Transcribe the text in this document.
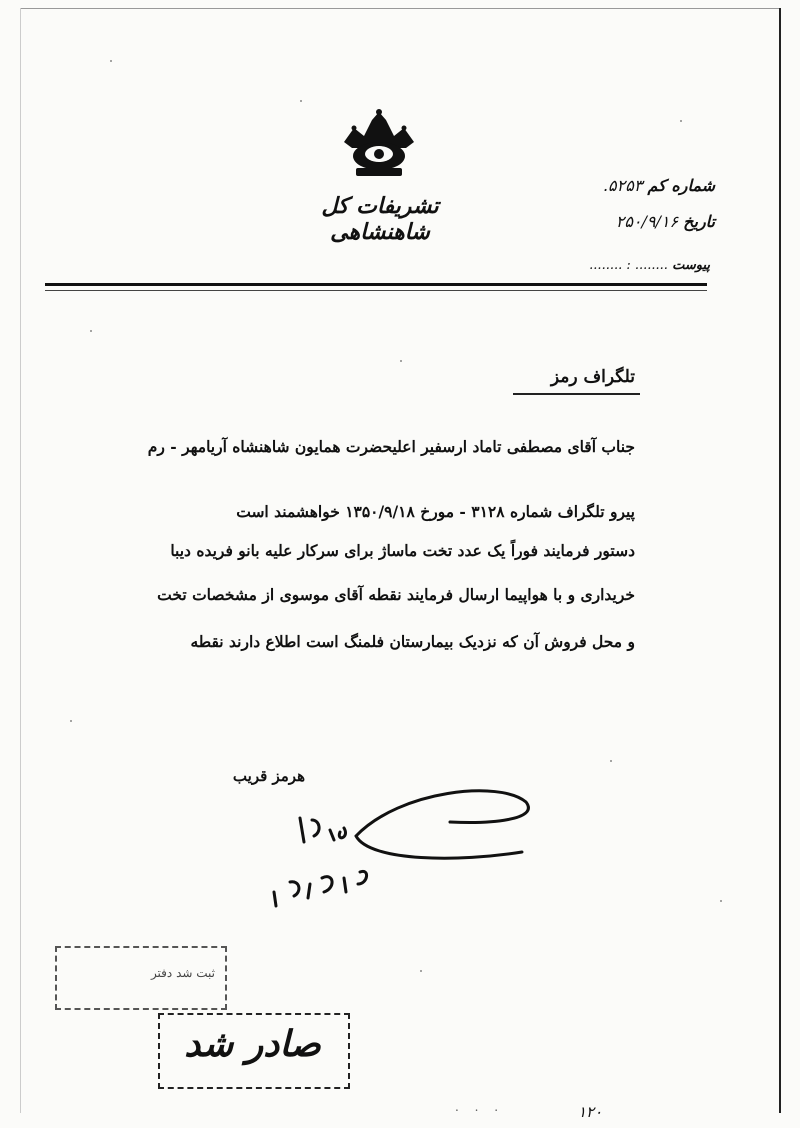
تشریفات کل شاهنشاهی
شماره کم ۵۲۵۳.
تاریخ ۲۵۰/۹/۱۶
پیوست ........ : ........
تلگراف رمز
جناب آقای مصطفی تاماد ارسفیر اعلیحضرت همایون شاهنشاه آریامهر - رم
پیرو تلگراف شماره ۳۱۲۸ - مورخ ۱۳۵۰/۹/۱۸ خواهشمند است
دستور فرمایند فوراً یک عدد تخت ماساژ برای سرکار علیه بانو فریده دیبا
خریداری و با هواپیما ارسال فرمایند نقطه آقای موسوی از مشخصات تخت
و محل فروش آن که نزدیک بیمارستان فلمنگ است اطلاع دارند نقطه
هرمز قریب
ثبت شد دفتر
صادر شد
. . .	۱۲۰
